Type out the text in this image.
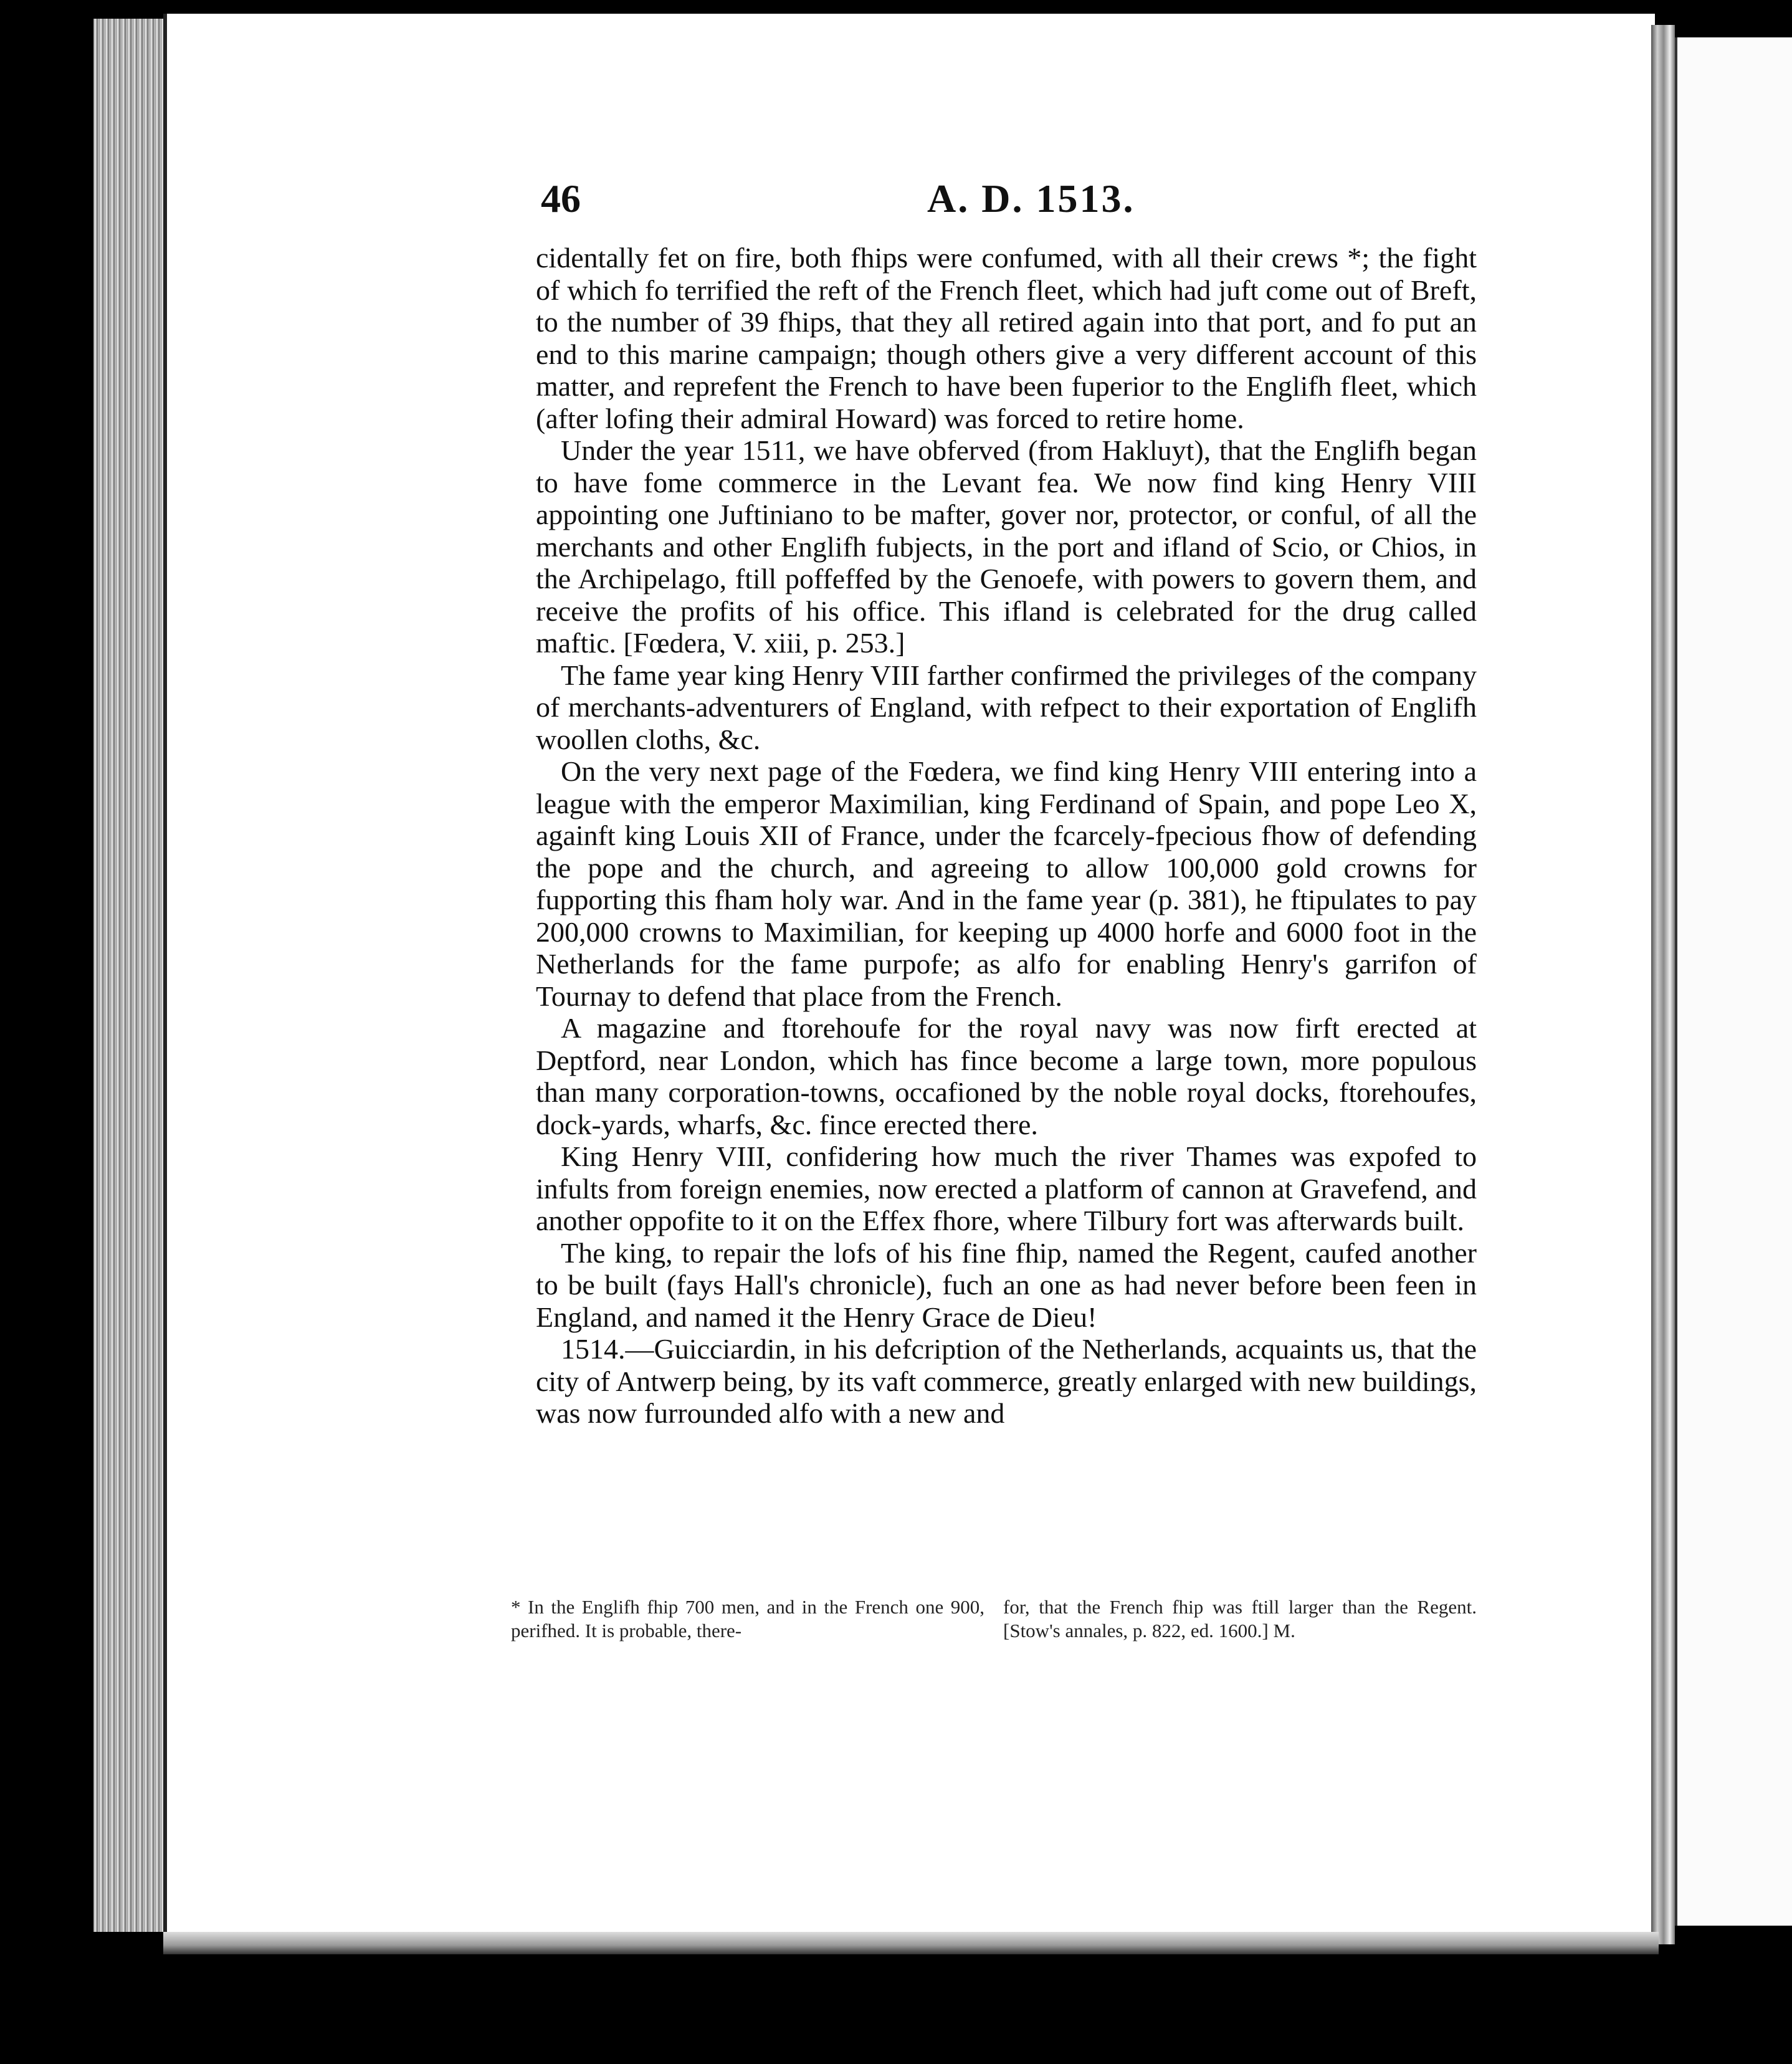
46	A. D. 1513.

cidentally fet on fire, both fhips were confumed, with all their crews *; the fight of which fo terrified the reft of the French fleet, which had juft come out of Breft, to the number of 39 fhips, that they all retired again into that port, and fo put an end to this marine campaign; though others give a very different account of this matter, and reprefent the French to have been fuperior to the Englifh fleet, which (after lofing their admiral Howard) was forced to retire home.

Under the year 1511, we have obferved (from Hakluyt), that the Englifh began to have fome commerce in the Levant fea. We now find king Henry VIII appointing one Juftiniano to be mafter, gover nor, protector, or conful, of all the merchants and other Englifh fubjects, in the port and ifland of Scio, or Chios, in the Archipelago, ftill poffeffed by the Genoefe, with powers to govern them, and receive the profits of his office. This ifland is celebrated for the drug called maftic. [Fœdera, V. xiii, p. 253.]

The fame year king Henry VIII farther confirmed the privileges of the company of merchants-adventurers of England, with refpect to their exportation of Englifh woollen cloths, &c.

On the very next page of the Fœdera, we find king Henry VIII entering into a league with the emperor Maximilian, king Ferdinand of Spain, and pope Leo X, againft king Louis XII of France, under the fcarcely-fpecious fhow of defending the pope and the church, and agreeing to allow 100,000 gold crowns for fupporting this fham holy war. And in the fame year (p. 381), he ftipulates to pay 200,000 crowns to Maximilian, for keeping up 4000 horfe and 6000 foot in the Netherlands for the fame purpofe; as alfo for enabling Henry's garrifon of Tournay to defend that place from the French.

A magazine and ftorehoufe for the royal navy was now firft erected at Deptford, near London, which has fince become a large town, more populous than many corporation-towns, occafioned by the noble royal docks, ftorehoufes, dock-yards, wharfs, &c. fince erected there.

King Henry VIII, confidering how much the river Thames was expofed to infults from foreign enemies, now erected a platform of cannon at Gravefend, and another oppofite to it on the Effex fhore, where Tilbury fort was afterwards built.

The king, to repair the lofs of his fine fhip, named the Regent, caufed another to be built (fays Hall's chronicle), fuch an one as had never before been feen in England, and named it the Henry Grace de Dieu!

1514.—Guicciardin, in his defcription of the Netherlands, acquaints us, that the city of Antwerp being, by its vaft commerce, greatly enlarged with new buildings, was now furrounded alfo with a new and

* In the Englifh fhip 700 men, and in the French one 900, perifhed. It is probable, there-
for, that the French fhip was ftill larger than the Regent. [Stow's annales, p. 822, ed. 1600.] M.
